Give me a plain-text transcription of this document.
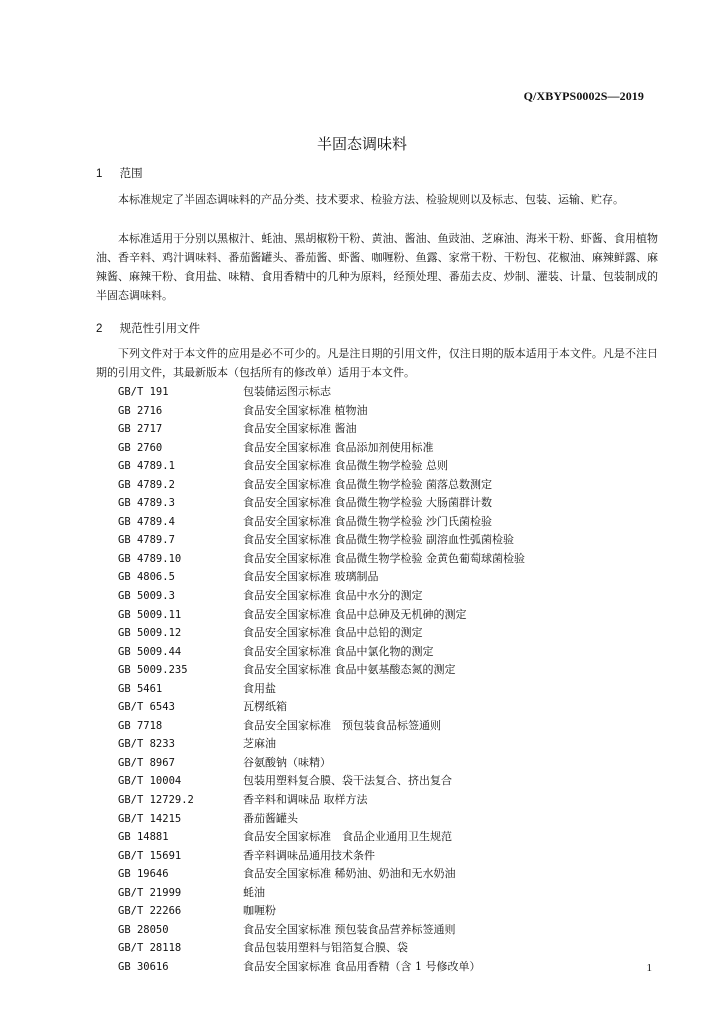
Q/XBYPS0002S—2019
半固态调味料
1 范围
本标准规定了半固态调味料的产品分类、技术要求、检验方法、检验规则以及标志、包装、运输、贮存。
本标准适用于分别以黑椒汁、蚝油、黑胡椒粉干粉、黄油、酱油、鱼豉油、芝麻油、海米干粉、虾酱、食用植物油、香辛料、鸡汁调味料、番茄酱罐头、番茄酱、虾酱、咖喱粉、鱼露、家常干粉、干粉包、花椒油、麻辣鲜露、麻辣酱、麻辣干粉、食用盐、味精、食用香精中的几种为原料，经预处理、番茄去皮、炒制、灌装、计量、包装制成的半固态调味料。
2 规范性引用文件
下列文件对于本文件的应用是必不可少的。凡是注日期的引用文件，仅注日期的版本适用于本文件。凡是不注日期的引用文件，其最新版本（包括所有的修改单）适用于本文件。
GB/T 191	包装储运图示标志
GB 2716	食品安全国家标准 植物油
GB 2717	食品安全国家标准 酱油
GB 2760	食品安全国家标准 食品添加剂使用标准
GB 4789.1	食品安全国家标准 食品微生物学检验 总则
GB 4789.2	食品安全国家标准 食品微生物学检验 菌落总数测定
GB 4789.3	食品安全国家标准 食品微生物学检验 大肠菌群计数
GB 4789.4	食品安全国家标准 食品微生物学检验 沙门氏菌检验
GB 4789.7	食品安全国家标准 食品微生物学检验 副溶血性弧菌检验
GB 4789.10	食品安全国家标准 食品微生物学检验 金黄色葡萄球菌检验
GB 4806.5	食品安全国家标准 玻璃制品
GB 5009.3	食品安全国家标准 食品中水分的测定
GB 5009.11	食品安全国家标准 食品中总砷及无机砷的测定
GB 5009.12	食品安全国家标准 食品中总铅的测定
GB 5009.44	食品安全国家标准 食品中氯化物的测定
GB 5009.235	食品安全国家标准 食品中氨基酸态氮的测定
GB 5461	食用盐
GB/T 6543	瓦楞纸箱
GB 7718	食品安全国家标准　预包装食品标签通则
GB/T 8233	芝麻油
GB/T 8967	谷氨酸钠（味精）
GB/T 10004	包装用塑料复合膜、袋干法复合、挤出复合
GB/T 12729.2	香辛料和调味品 取样方法
GB/T 14215	番茄酱罐头
GB 14881	食品安全国家标准　食品企业通用卫生规范
GB/T 15691	香辛料调味品通用技术条件
GB 19646	食品安全国家标准 稀奶油、奶油和无水奶油
GB/T 21999	蚝油
GB/T 22266	咖喱粉
GB 28050	食品安全国家标准 预包装食品营养标签通则
GB/T 28118	食品包装用塑料与铝箔复合膜、袋
GB 30616	食品安全国家标准 食品用香精（含 1 号修改单）	1
